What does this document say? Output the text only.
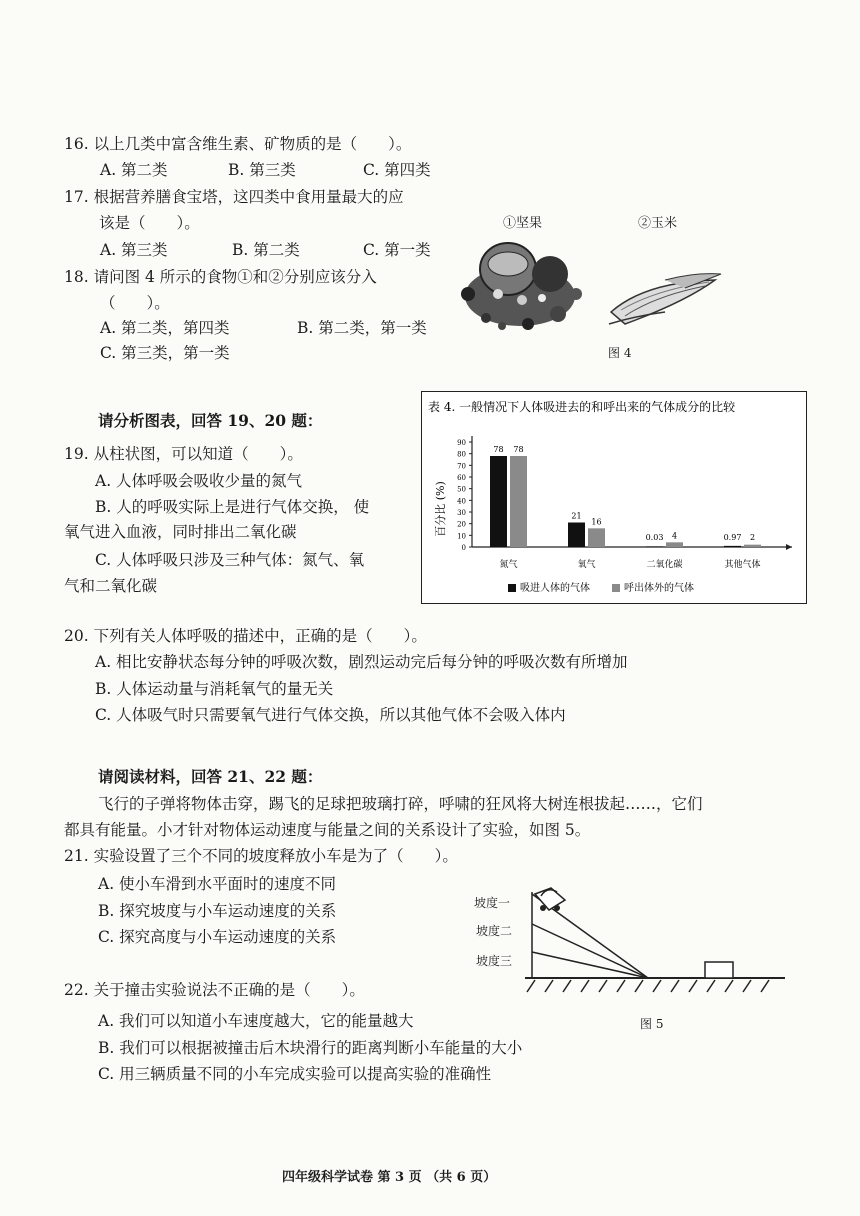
16. 以上几类中富含维生素、矿物质的是（　　）。
A. 第二类	B. 第三类	C. 第四类
17. 根据营养膳食宝塔，这四类中食用量最大的应
该是（　　）。
A. 第三类	B. 第二类	C. 第一类
18. 请问图 4 所示的食物①和②分别应该分入
（　　）。
A. 第二类，第四类	B. 第二类，第一类
C. 第三类，第一类
①坚果	②玉米
图 4
请分析图表，回答 19、20 题：
19. 从柱状图，可以知道（　　）。
A. 人体呼吸会吸收少量的氮气
B. 人的呼吸实际上是进行气体交换， 使
氧气进入血液，同时排出二氧化碳
C. 人体呼吸只涉及三种气体：氮气、氧
气和二氧化碳
表 4. 一般情况下人体吸进去的和呼出来的气体成分的比较
0
10
20
30
40
50
60
70
80
90
78 78
氮气
21
16
氧气
0.03 4
二氧化碳
0.97 2
其他气体
百分比 (%)
吸进人体的气体	呼出体外的气体
20. 下列有关人体呼吸的描述中，正确的是（　　）。
A. 相比安静状态每分钟的呼吸次数，剧烈运动完后每分钟的呼吸次数有所增加
B. 人体运动量与消耗氧气的量无关
C. 人体吸气时只需要氧气进行气体交换，所以其他气体不会吸入体内
请阅读材料，回答 21、22 题：
飞行的子弹将物体击穿，踢飞的足球把玻璃打碎，呼啸的狂风将大树连根拔起……，它们
都具有能量。小才针对物体运动速度与能量之间的关系设计了实验，如图 5。
21. 实验设置了三个不同的坡度释放小车是为了（　　）。
A. 使小车滑到水平面时的速度不同
B. 探究坡度与小车运动速度的关系
C. 探究高度与小车运动速度的关系
22. 关于撞击实验说法不正确的是（　　）。
A. 我们可以知道小车速度越大，它的能量越大
B. 我们可以根据被撞击后木块滑行的距离判断小车能量的大小
C. 用三辆质量不同的小车完成实验可以提高实验的准确性
坡度一
坡度二
坡度三
图 5
四年级科学试卷 第 3 页 （共 6 页）
